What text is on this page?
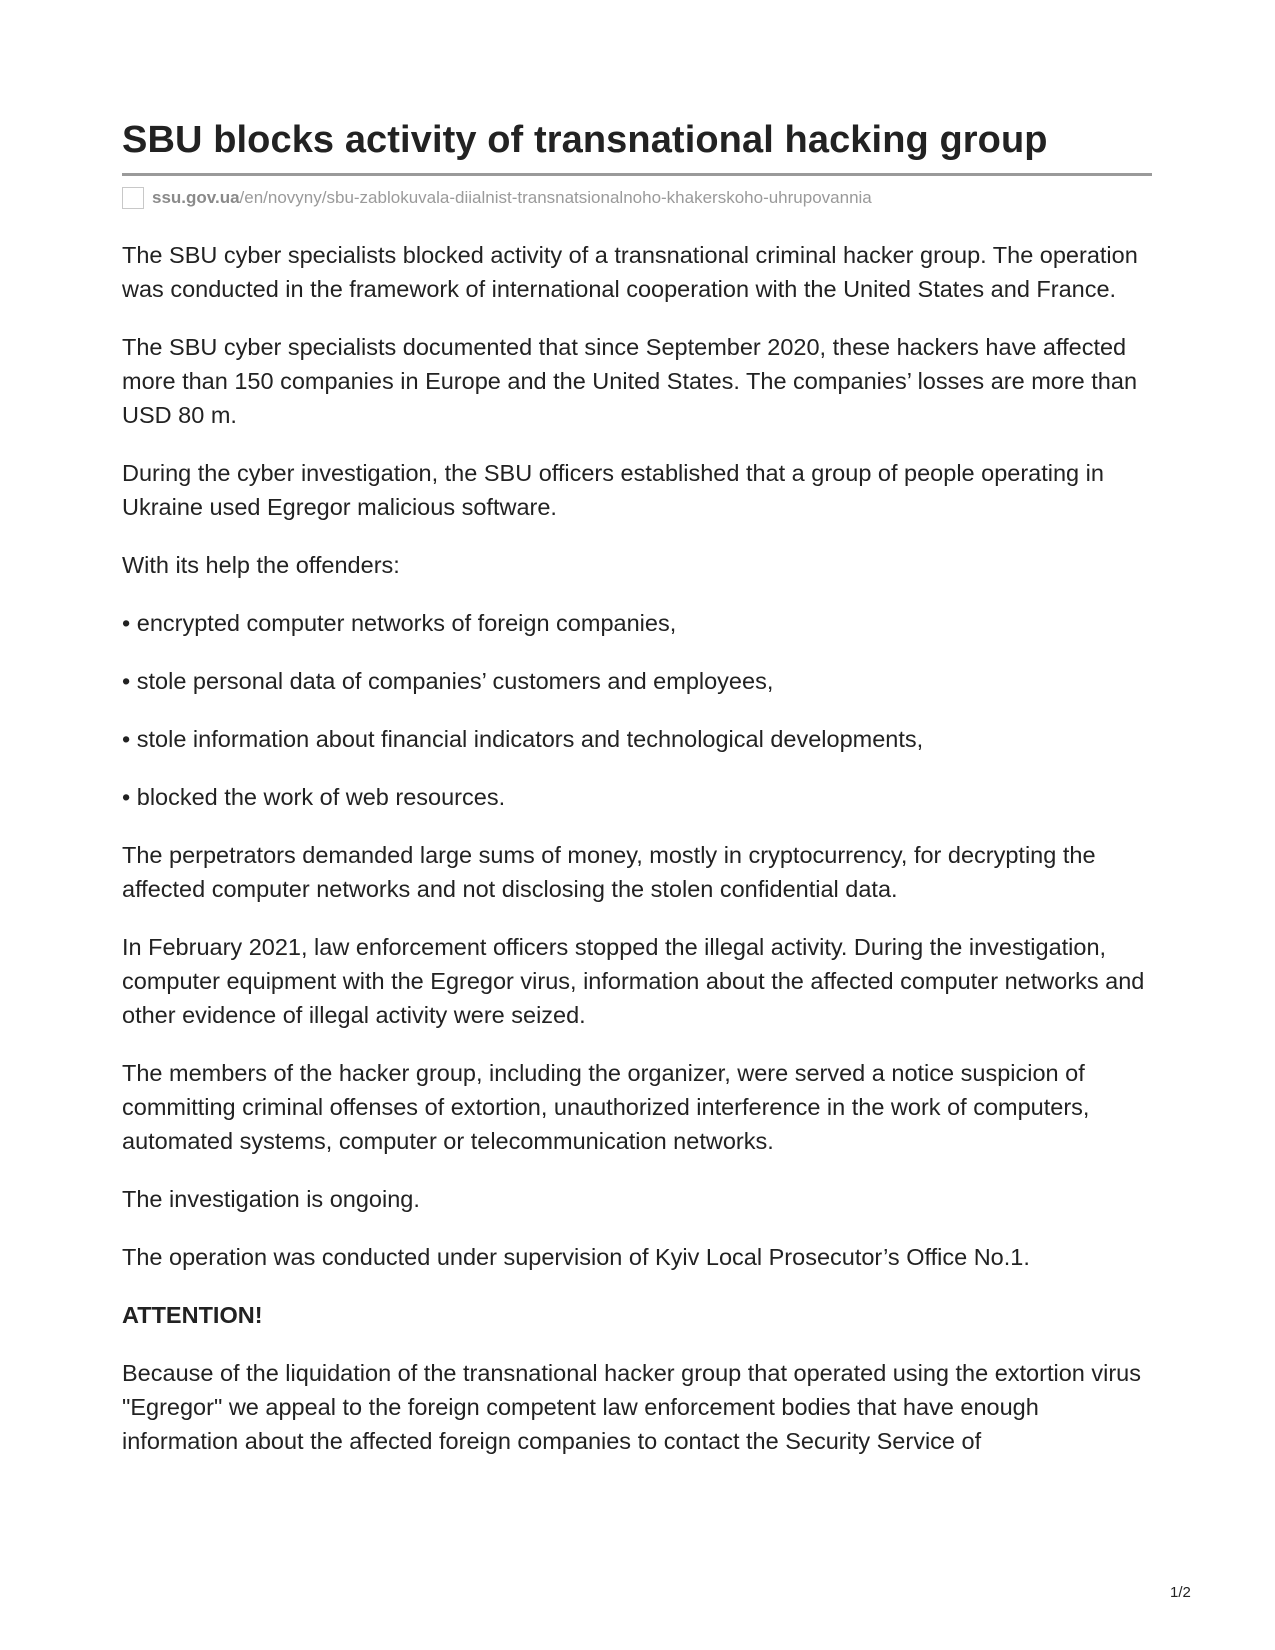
SBU blocks activity of transnational hacking group
ssu.gov.ua /en/novyny/sbu-zablokuvala-diialnist-transnatsionalnoho-khakerskoho-uhrupovannia

The SBU cyber specialists blocked activity of a transnational criminal hacker group. The operation was conducted in the framework of international cooperation with the United States and France.

The SBU cyber specialists documented that since September 2020, these hackers have affected more than 150 companies in Europe and the United States. The companies’ losses are more than USD 80 m.

During the cyber investigation, the SBU officers established that a group of people operating in Ukraine used Egregor malicious software.

With its help the offenders:

• encrypted computer networks of foreign companies,

• stole personal data of companies’ customers and employees,

• stole information about financial indicators and technological developments,

• blocked the work of web resources.

The perpetrators demanded large sums of money, mostly in cryptocurrency, for decrypting the affected computer networks and not disclosing the stolen confidential data.

In February 2021, law enforcement officers stopped the illegal activity. During the investigation, computer equipment with the Egregor virus, information about the affected computer networks and other evidence of illegal activity were seized.

The members of the hacker group, including the organizer, were served a notice suspicion of committing criminal offenses of extortion, unauthorized interference in the work of computers, automated systems, computer or telecommunication networks.

The investigation is ongoing.

The operation was conducted under supervision of Kyiv Local Prosecutor’s Office No.1.

ATTENTION!

Because of the liquidation of the transnational hacker group that operated using the extortion virus "Egregor" we appeal to the foreign competent law enforcement bodies that have enough information about the affected foreign companies to contact the Security Service of

1/2
